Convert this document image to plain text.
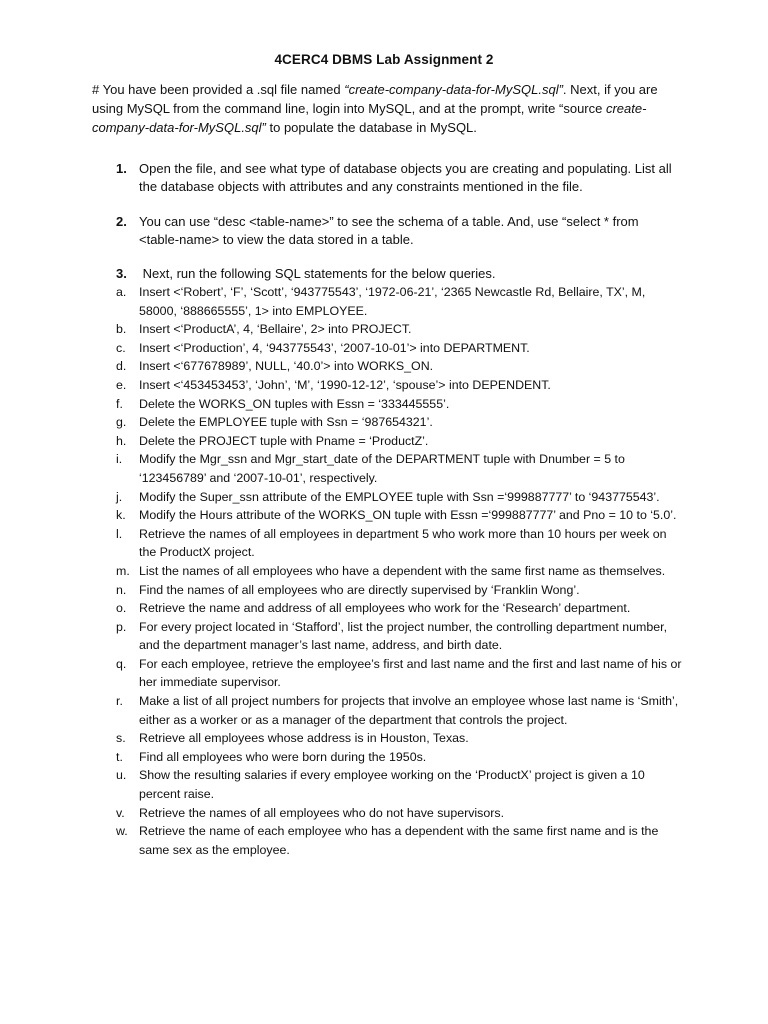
4CERC4 DBMS Lab Assignment 2
# You have been provided a .sql file named “create-company-data-for-MySQL.sql”. Next, if you are using MySQL from the command line, login into MySQL, and at the prompt, write “source create-company-data-for-MySQL.sql” to populate the database in MySQL.
1. Open the file, and see what type of database objects you are creating and populating. List all the database objects with attributes and any constraints mentioned in the file.
2. You can use “desc <table-name>” to see the schema of a table. And, use “select * from <table-name> to view the data stored in a table.
3. Next, run the following SQL statements for the below queries.
a. Insert <‘Robert’, ‘F’, ‘Scott’, ‘943775543’, ‘1972-06-21’, ‘2365 Newcastle Rd, Bellaire, TX’, M, 58000, ‘888665555’, 1> into EMPLOYEE.
b. Insert <‘ProductA’, 4, ‘Bellaire’, 2> into PROJECT.
c. Insert <‘Production’, 4, ‘943775543’, ‘2007-10-01’> into DEPARTMENT.
d. Insert <‘677678989’, NULL, ‘40.0’> into WORKS_ON.
e. Insert <‘453453453’, ‘John’, ‘M’, ‘1990-12-12’, ‘spouse’> into DEPENDENT.
f. Delete the WORKS_ON tuples with Essn = ‘333445555’.
g. Delete the EMPLOYEE tuple with Ssn = ‘987654321’.
h. Delete the PROJECT tuple with Pname = ‘ProductZ’.
i. Modify the Mgr_ssn and Mgr_start_date of the DEPARTMENT tuple with Dnumber = 5 to ‘123456789’ and ‘2007-10-01’, respectively.
j. Modify the Super_ssn attribute of the EMPLOYEE tuple with Ssn =‘999887777’ to ‘943775543’.
k. Modify the Hours attribute of the WORKS_ON tuple with Essn =‘999887777’ and Pno = 10 to ‘5.0’.
l. Retrieve the names of all employees in department 5 who work more than 10 hours per week on the ProductX project.
m. List the names of all employees who have a dependent with the same first name as themselves.
n. Find the names of all employees who are directly supervised by ‘Franklin Wong’.
o. Retrieve the name and address of all employees who work for the ‘Research’ department.
p. For every project located in ‘Stafford’, list the project number, the controlling department number, and the department manager’s last name, address, and birth date.
q. For each employee, retrieve the employee’s first and last name and the first and last name of his or her immediate supervisor.
r. Make a list of all project numbers for projects that involve an employee whose last name is ‘Smith’, either as a worker or as a manager of the department that controls the project.
s. Retrieve all employees whose address is in Houston, Texas.
t. Find all employees who were born during the 1950s.
u. Show the resulting salaries if every employee working on the ‘ProductX’ project is given a 10 percent raise.
v. Retrieve the names of all employees who do not have supervisors.
w. Retrieve the name of each employee who has a dependent with the same first name and is the same sex as the employee.
